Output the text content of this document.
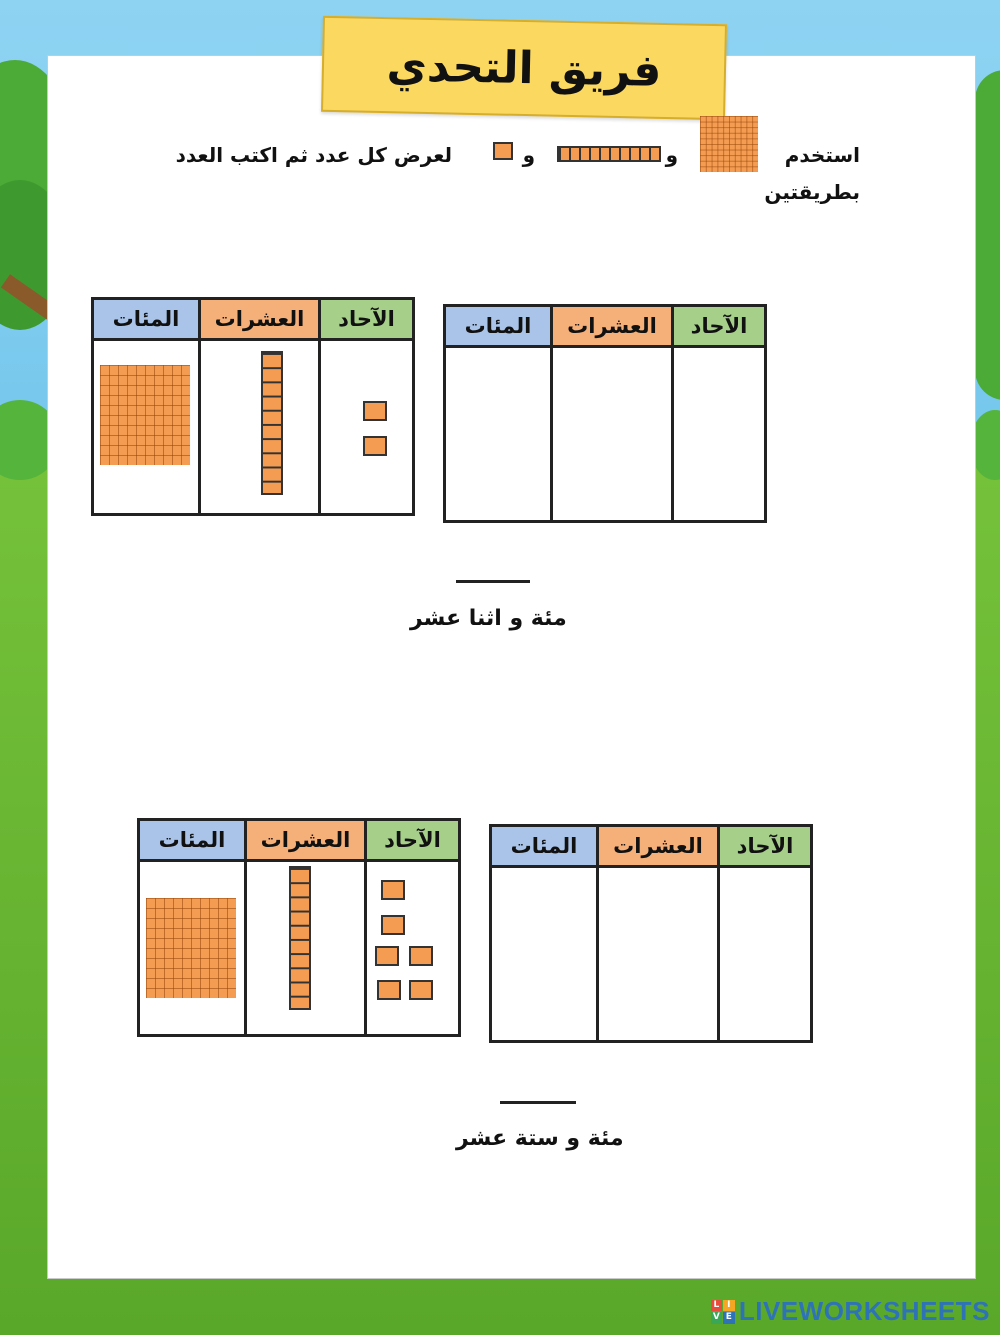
فريق التحدي
استخدم
و
و
لعرض كل عدد ثم اكتب العدد
بطريقتين
المئات	العشرات	الآحاد

		المئات	العشرات	الآحاد

مئة و اثنا عشر
المئات	العشرات	الآحاد

		المئات	العشرات	الآحاد

مئة و ستة عشر
L I
V E LIVEWORKSHEETS
